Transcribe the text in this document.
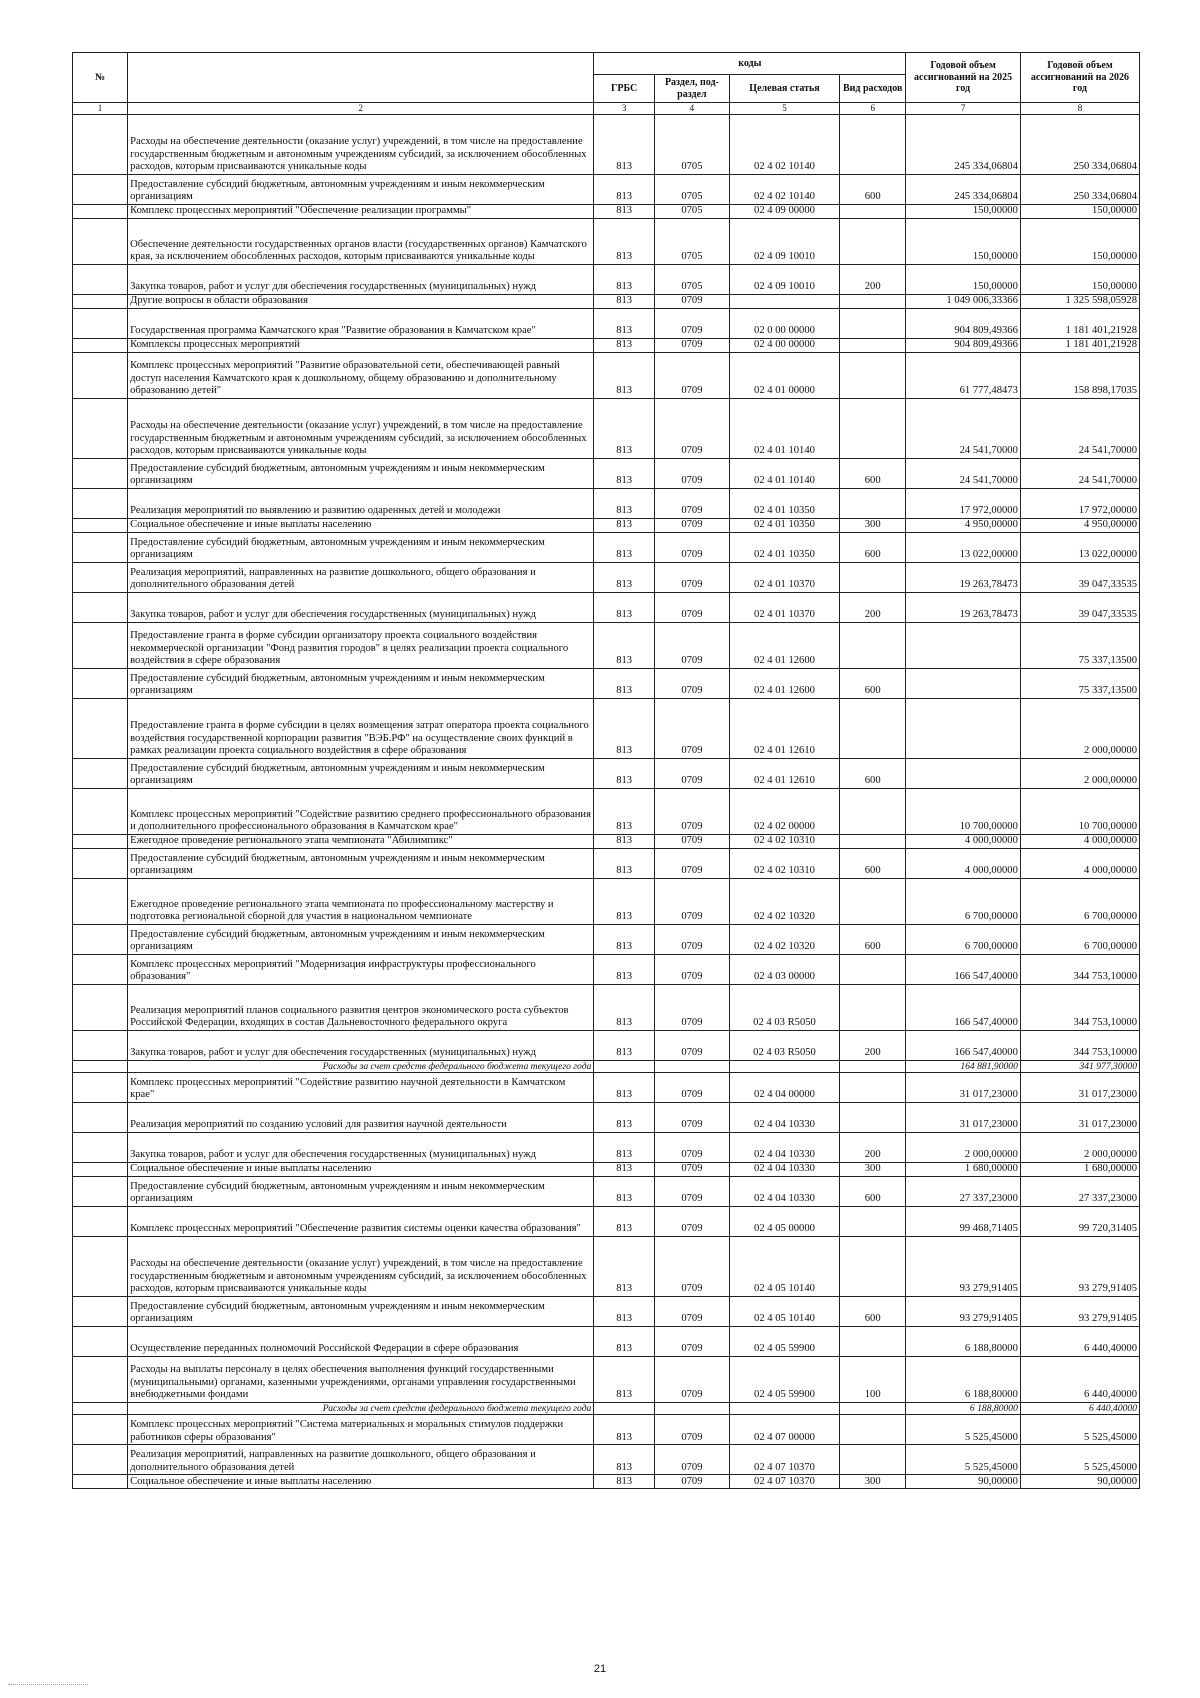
№		коды				Годовой объем ассигнований на 2025 год	Годовой объем ассигнований на 2026 год
		ГРБС	Раздел, под-раздел	Целевая статья	Вид расходов		
1	2	3	4	5	6	7	8
	Расходы на обеспечение деятельности (оказание услуг) учреждений, в том числе на предоставление государственным бюджетным и автономным учреждениям субсидий, за исключением обособленных расходов, которым присваиваются уникальные коды	813	0705	02 4 02 10140		245 334,06804	250 334,06804
	Предоставление субсидий бюджетным, автономным учреждениям и иным некоммерческим организациям	813	0705	02 4 02 10140	600	245 334,06804	250 334,06804
	Комплекс процессных мероприятий "Обеспечение реализации программы"	813	0705	02 4 09 00000		150,00000	150,00000
	Обеспечение деятельности государственных органов власти (государственных органов) Камчатского края, за исключением обособленных расходов, которым присваиваются уникальные коды	813	0705	02 4 09 10010		150,00000	150,00000
	Закупка товаров, работ и услуг для обеспечения государственных (муниципальных) нужд	813	0705	02 4 09 10010	200	150,00000	150,00000
	Другие вопросы в области образования	813	0709			1 049 006,33366	1 325 598,05928
	Государственная программа Камчатского края "Развитие образования в Камчатском крае"	813	0709	02 0 00 00000		904 809,49366	1 181 401,21928
	Комплексы процессных мероприятий	813	0709	02 4 00 00000		904 809,49366	1 181 401,21928
	Комплекс процессных мероприятий "Развитие образовательной сети, обеспечивающей равный доступ населения Камчатского края к дошкольному, общему образованию и дополнительному образованию детей"	813	0709	02 4 01 00000		61 777,48473	158 898,17035
	Расходы на обеспечение деятельности (оказание услуг) учреждений, в том числе на предоставление государственным бюджетным и автономным учреждениям субсидий, за исключением обособленных расходов, которым присваиваются уникальные коды	813	0709	02 4 01 10140		24 541,70000	24 541,70000
	Предоставление субсидий бюджетным, автономным учреждениям и иным некоммерческим организациям	813	0709	02 4 01 10140	600	24 541,70000	24 541,70000
	Реализация мероприятий по выявлению и развитию одаренных детей и молодежи	813	0709	02 4 01 10350		17 972,00000	17 972,00000
	Социальное обеспечение и иные выплаты населению	813	0709	02 4 01 10350	300	4 950,00000	4 950,00000
	Предоставление субсидий бюджетным, автономным учреждениям и иным некоммерческим организациям	813	0709	02 4 01 10350	600	13 022,00000	13 022,00000
	Реализация мероприятий, направленных на развитие дошкольного, общего образования и дополнительного образования детей	813	0709	02 4 01 10370		19 263,78473	39 047,33535
	Закупка товаров, работ и услуг для обеспечения государственных (муниципальных) нужд	813	0709	02 4 01 10370	200	19 263,78473	39 047,33535
	Предоставление гранта в форме субсидии организатору проекта социального воздействия некоммерческой организации "Фонд развития городов" в целях реализации проекта социального воздействия в сфере образования	813	0709	02 4 01 12600			75 337,13500
	Предоставление субсидий бюджетным, автономным учреждениям и иным некоммерческим организациям	813	0709	02 4 01 12600	600		75 337,13500
	Предоставление гранта в форме субсидии в целях возмещения затрат оператора проекта социального воздействия государственной корпорации развития "ВЭБ.РФ" на осуществление своих функций в рамках реализации проекта социального воздействия в сфере образования	813	0709	02 4 01 12610			2 000,00000
	Предоставление субсидий бюджетным, автономным учреждениям и иным некоммерческим организациям	813	0709	02 4 01 12610	600		2 000,00000
	Комплекс процессных мероприятий "Содействие развитию среднего профессионального образования и дополнительного профессионального образования в Камчатском крае"	813	0709	02 4 02 00000		10 700,00000	10 700,00000
	Ежегодное проведение регионального этапа чемпионата "Абилимпикс"	813	0709	02 4 02 10310		4 000,00000	4 000,00000
	Предоставление субсидий бюджетным, автономным учреждениям и иным некоммерческим организациям	813	0709	02 4 02 10310	600	4 000,00000	4 000,00000
	Ежегодное проведение регионального этапа чемпионата по профессиональному мастерству и подготовка региональной сборной для участия в национальном чемпионате	813	0709	02 4 02 10320		6 700,00000	6 700,00000
	Предоставление субсидий бюджетным, автономным учреждениям и иным некоммерческим организациям	813	0709	02 4 02 10320	600	6 700,00000	6 700,00000
	Комплекс процессных мероприятий "Модернизация инфраструктуры профессионального образования"	813	0709	02 4 03 00000		166 547,40000	344 753,10000
	Реализация мероприятий планов социального развития центров экономического роста субъектов Российской Федерации, входящих в состав Дальневосточного федерального округа	813	0709	02 4 03 R5050		166 547,40000	344 753,10000
	Закупка товаров, работ и услуг для обеспечения государственных (муниципальных) нужд	813	0709	02 4 03 R5050	200	166 547,40000	344 753,10000
	Расходы за счет средств федерального бюджета текущего года					164 881,90000	341 977,30000
	Комплекс процессных мероприятий "Содействие развитию научной деятельности в Камчатском крае"	813	0709	02 4 04 00000		31 017,23000	31 017,23000
	Реализация мероприятий по созданию условий для развития научной деятельности	813	0709	02 4 04 10330		31 017,23000	31 017,23000
	Закупка товаров, работ и услуг для обеспечения государственных (муниципальных) нужд	813	0709	02 4 04 10330	200	2 000,00000	2 000,00000
	Социальное обеспечение и иные выплаты населению	813	0709	02 4 04 10330	300	1 680,00000	1 680,00000
	Предоставление субсидий бюджетным, автономным учреждениям и иным некоммерческим организациям	813	0709	02 4 04 10330	600	27 337,23000	27 337,23000
	Комплекс процессных мероприятий "Обеспечение развития системы оценки качества образования"	813	0709	02 4 05 00000		99 468,71405	99 720,31405
	Расходы на обеспечение деятельности (оказание услуг) учреждений, в том числе на предоставление государственным бюджетным и автономным учреждениям субсидий, за исключением обособленных расходов, которым присваиваются уникальные коды	813	0709	02 4 05 10140		93 279,91405	93 279,91405
	Предоставление субсидий бюджетным, автономным учреждениям и иным некоммерческим организациям	813	0709	02 4 05 10140	600	93 279,91405	93 279,91405
	Осуществление переданных полномочий Российской Федерации в сфере образования	813	0709	02 4 05 59900		6 188,80000	6 440,40000
	Расходы на выплаты персоналу в целях обеспечения выполнения функций государственными (муниципальными) органами, казенными учреждениями, органами управления государственными внебюджетными фондами	813	0709	02 4 05 59900	100	6 188,80000	6 440,40000
	Расходы за счет средств федерального бюджета текущего года					6 188,80000	6 440,40000
	Комплекс процессных мероприятий "Система материальных и моральных стимулов поддержки работников сферы образования"	813	0709	02 4 07 00000		5 525,45000	5 525,45000
	Реализация мероприятий, направленных на развитие дошкольного, общего образования и дополнительного образования детей	813	0709	02 4 07 10370		5 525,45000	5 525,45000
	Социальное обеспечение и иные выплаты населению	813	0709	02 4 07 10370	300	90,00000	90,00000
21
